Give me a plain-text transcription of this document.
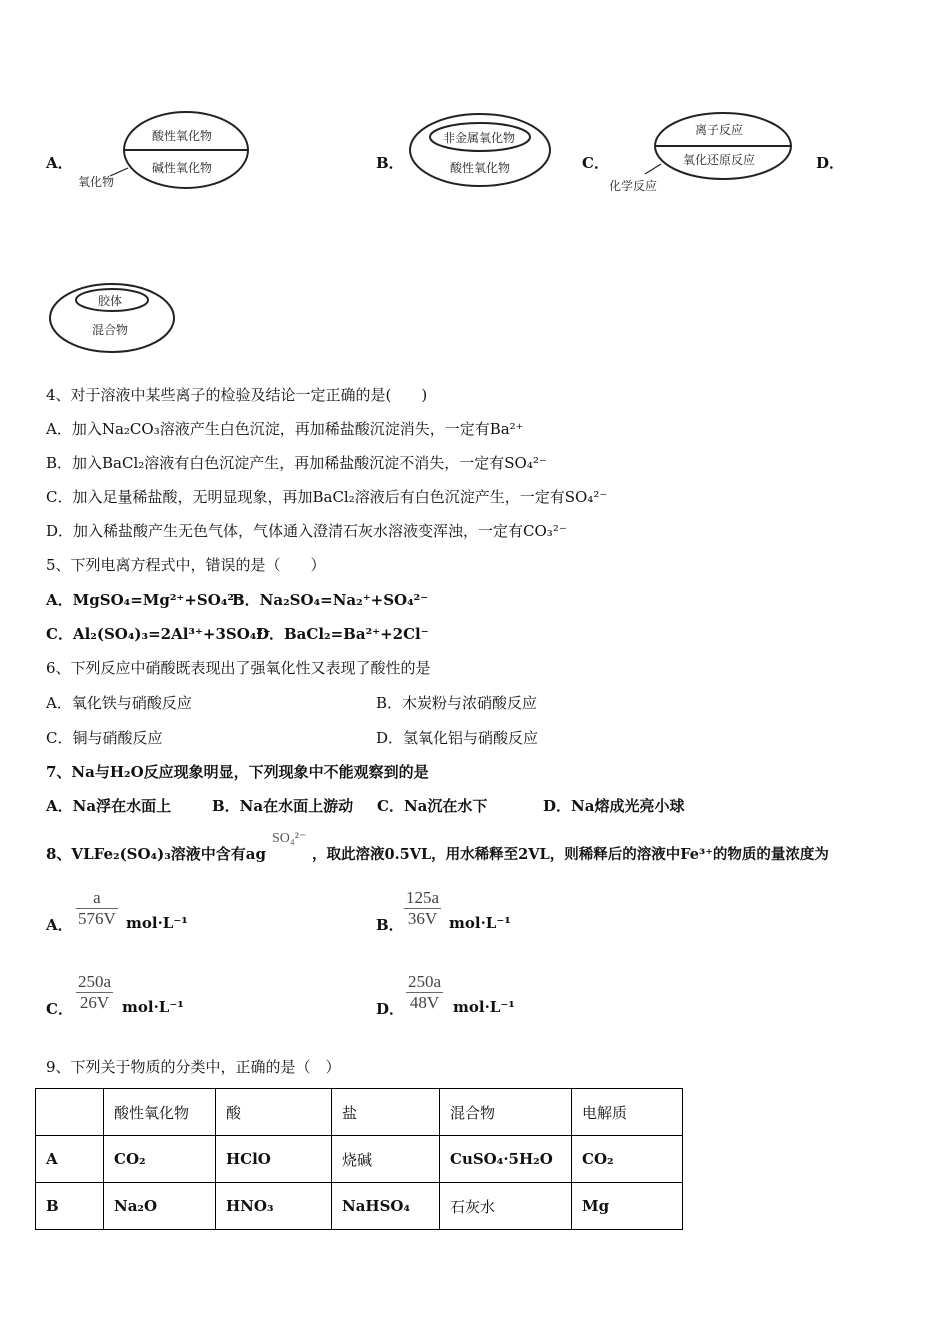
A．
酸性氧化物
碱性氧化物
氧化物
B．
非金属氧化物
酸性氧化物	C．
离子反应
氧化还原反应
化学反应
D．
胶体
混合物
4、对于溶液中某些离子的检验及结论一定正确的是(　　)
A．加入Na₂CO₃溶液产生白色沉淀，再加稀盐酸沉淀消失，一定有Ba²⁺
B．加入BaCl₂溶液有白色沉淀产生，再加稀盐酸沉淀不消失，一定有SO₄²⁻
C．加入足量稀盐酸，无明显现象，再加BaCl₂溶液后有白色沉淀产生，一定有SO₄²⁻
D．加入稀盐酸产生无色气体，气体通入澄清石灰水溶液变浑浊，一定有CO₃²⁻
5、下列电离方程式中，错误的是（　　）
A．MgSO₄=Mg²⁺+SO₄²⁻
B．Na₂SO₄=Na₂⁺+SO₄²⁻
C．Al₂(SO₄)₃=2Al³⁺+3SO₄²⁻
D．BaCl₂=Ba²⁺+2Cl⁻
6、下列反应中硝酸既表现出了强氧化性又表现了酸性的是
A．氧化铁与硝酸反应	B．木炭粉与浓硝酸反应
C．铜与硝酸反应	D．氢氧化铝与硝酸反应
7、Na与H₂O反应现象明显，下列现象中不能观察到的是
A．Na浮在水面上	B．Na在水面上游动 C．Na沉在水下	D．Na熔成光亮小球
8、VLFe₂(SO₄)₃溶液中含有ag
SO₄²⁻
，取此溶液0.5VL，用水稀释至2VL，则稀释后的溶液中Fe³⁺的物质的量浓度为
A． $\frac{a}{576V} mol\cdot L^{-1}$	B． $\frac{125a}{36V} mol\cdot L^{-1}$
C． $\frac{250a}{26V} mol\cdot L^{-1}$	D． $\frac{250a}{48V} mol\cdot L^{-1}$
9、下列关于物质的分类中，正确的是（　）
	酸性氧化物	酸	盐	混合物	电解质
A	CO₂	HClO	烧碱	CuSO₄·5H₂O	CO₂
B	Na₂O	HNO₃	NaHSO₄	石灰水	Mg
